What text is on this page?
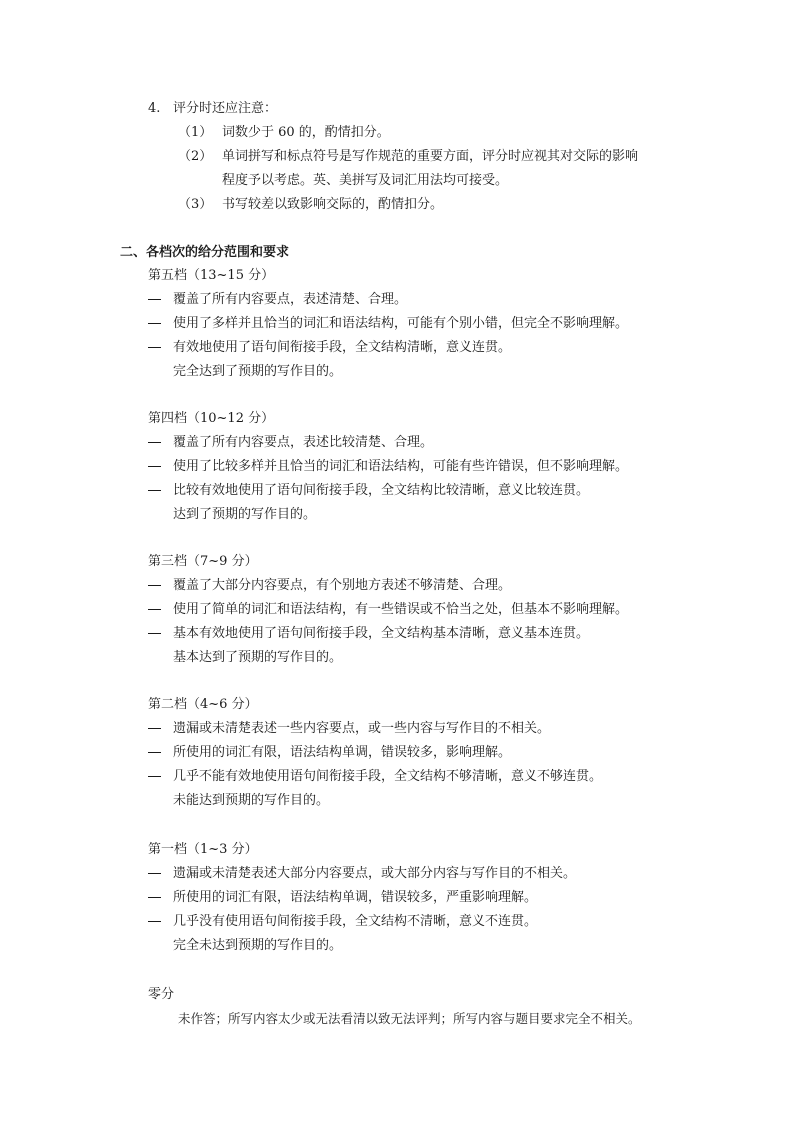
4. 评分时还应注意：
（1） 词数少于 60 的，酌情扣分。
（2） 单词拼写和标点符号是写作规范的重要方面，评分时应视其对交际的影响
程度予以考虑。英、美拼写及词汇用法均可接受。
（3） 书写较差以致影响交际的，酌情扣分。
二、各档次的给分范围和要求
第五档（13~15 分）
覆盖了所有内容要点，表述清楚、合理。
使用了多样并且恰当的词汇和语法结构，可能有个别小错，但完全不影响理解。
有效地使用了语句间衔接手段，全文结构清晰，意义连贯。
完全达到了预期的写作目的。
第四档（10~12 分）
覆盖了所有内容要点，表述比较清楚、合理。
使用了比较多样并且恰当的词汇和语法结构，可能有些许错误，但不影响理解。
比较有效地使用了语句间衔接手段，全文结构比较清晰，意义比较连贯。
达到了预期的写作目的。
第三档（7~9 分）
覆盖了大部分内容要点，有个别地方表述不够清楚、合理。
使用了简单的词汇和语法结构，有一些错误或不恰当之处，但基本不影响理解。
基本有效地使用了语句间衔接手段，全文结构基本清晰，意义基本连贯。
基本达到了预期的写作目的。
第二档（4~6 分）
遗漏或未清楚表述一些内容要点，或一些内容与写作目的不相关。
所使用的词汇有限，语法结构单调，错误较多，影响理解。
几乎不能有效地使用语句间衔接手段，全文结构不够清晰，意义不够连贯。
未能达到预期的写作目的。
第一档（1~3 分）
遗漏或未清楚表述大部分内容要点，或大部分内容与写作目的不相关。
所使用的词汇有限，语法结构单调，错误较多，严重影响理解。
几乎没有使用语句间衔接手段，全文结构不清晰，意义不连贯。
完全未达到预期的写作目的。
零分
未作答；所写内容太少或无法看清以致无法评判；所写内容与题目要求完全不相关。
